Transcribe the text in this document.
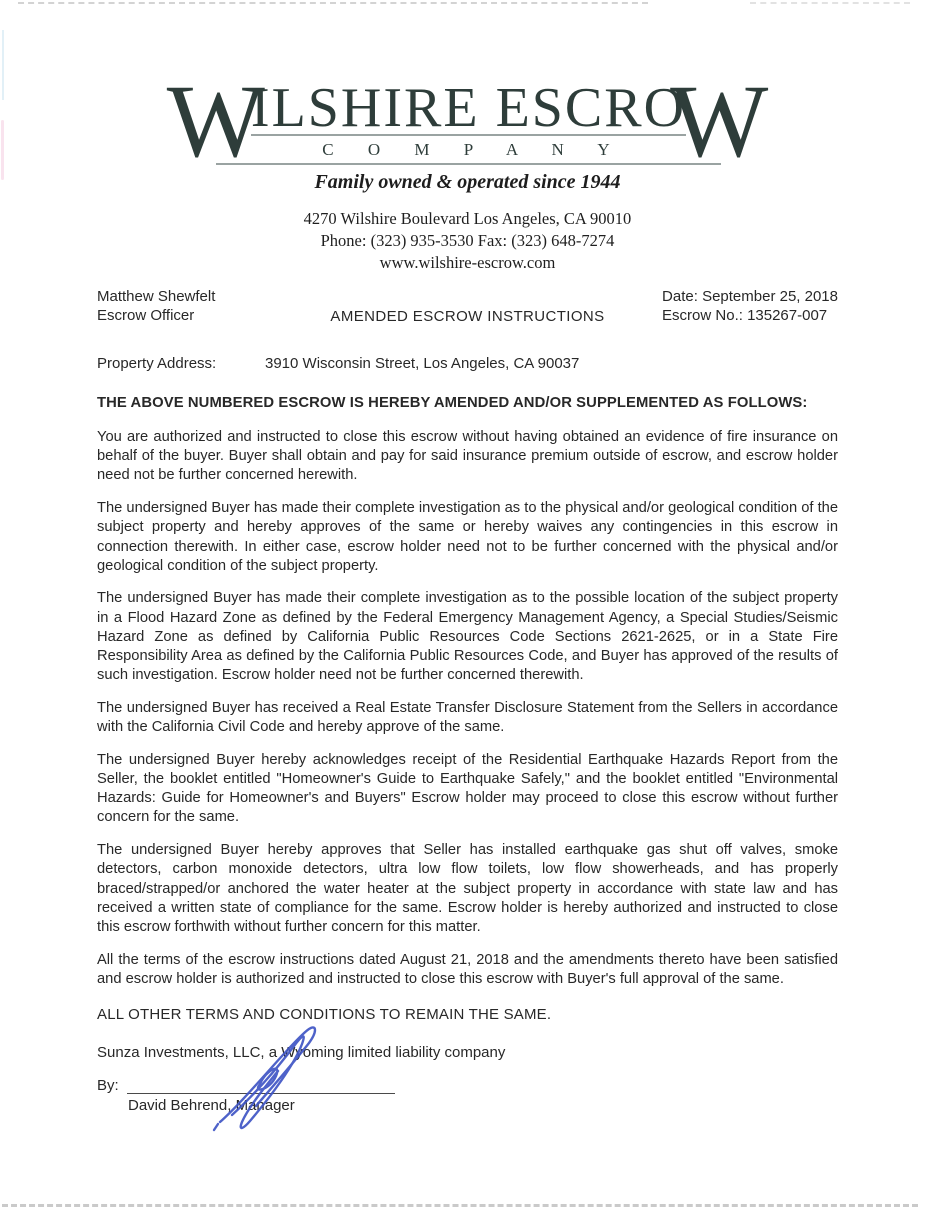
W
ILSHIRE ESCRO
C O M P A N Y W
Family owned & operated since 1944
4270 Wilshire Boulevard Los Angeles, CA 90010
Phone: (323) 935-3530 Fax: (323) 648-7274
www.wilshire-escrow.com
Matthew Shewfelt
Escrow Officer
Date: September 25, 2018
Escrow No.: 135267-007
AMENDED ESCROW INSTRUCTIONS
Property Address:	3910 Wisconsin Street, Los Angeles, CA 90037
THE ABOVE NUMBERED ESCROW IS HEREBY AMENDED AND/OR SUPPLEMENTED AS FOLLOWS:

You are authorized and instructed to close this escrow without having obtained an evidence of fire insurance on behalf of the buyer. Buyer shall obtain and pay for said insurance premium outside of escrow, and escrow holder need not be further concerned herewith.

The undersigned Buyer has made their complete investigation as to the physical and/or geological condition of the subject property and hereby approves of the same or hereby waives any contingencies in this escrow in connection therewith. In either case, escrow holder need not to be further concerned with the physical and/or geological condition of the subject property.

The undersigned Buyer has made their complete investigation as to the possible location of the subject property in a Flood Hazard Zone as defined by the Federal Emergency Management Agency, a Special Studies/Seismic Hazard Zone as defined by California Public Resources Code Sections 2621-2625, or in a State Fire Responsibility Area as defined by the California Public Resources Code, and Buyer has approved of the results of such investigation. Escrow holder need not be further concerned therewith.

The undersigned Buyer has received a Real Estate Transfer Disclosure Statement from the Sellers in accordance with the California Civil Code and hereby approve of the same.

The undersigned Buyer hereby acknowledges receipt of the Residential Earthquake Hazards Report from the Seller, the booklet entitled "Homeowner's Guide to Earthquake Safely," and the booklet entitled "Environmental Hazards: Guide for Homeowner's and Buyers" Escrow holder may proceed to close this escrow without further concern for the same.

The undersigned Buyer hereby approves that Seller has installed earthquake gas shut off valves, smoke detectors, carbon monoxide detectors, ultra low flow toilets, low flow showerheads, and has properly braced/strapped/or anchored the water heater at the subject property in accordance with state law and has received a written state of compliance for the same. Escrow holder is hereby authorized and instructed to close this escrow forthwith without further concern for this matter.

All the terms of the escrow instructions dated August 21, 2018 and the amendments thereto have been satisfied and escrow holder is authorized and instructed to close this escrow with Buyer's full approval of the same.

ALL OTHER TERMS AND CONDITIONS TO REMAIN THE SAME.
Sunza Investments, LLC, a Wyoming limited liability company
By:
David Behrend, Manager
